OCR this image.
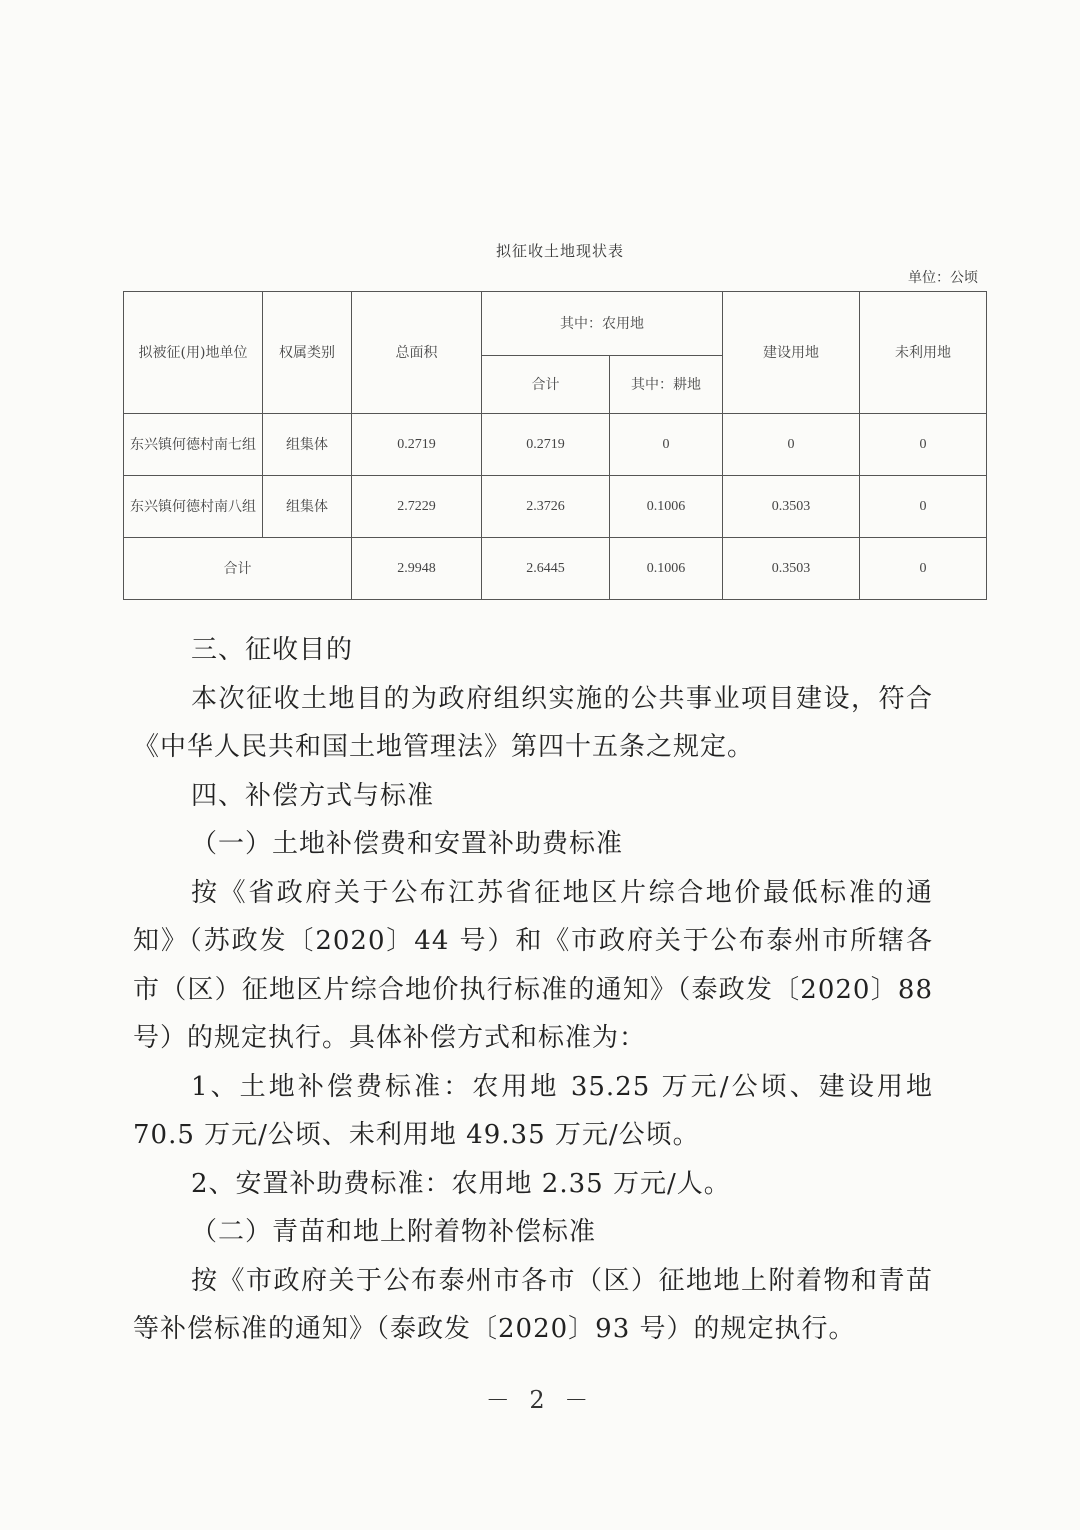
拟征收土地现状表
单位：公顷
拟被征(用)地单位	权属类别	总面积	其中：农用地		建设用地	未利用地
			合计	其中：耕地		
东兴镇何德村南七组	组集体	0.2719	0.2719	0	0	0
东兴镇何德村南八组	组集体	2.7229	2.3726	0.1006	0.3503	0
合计		2.9948	2.6445	0.1006	0.3503	0

三、征收目的

本次征收土地目的为政府组织实施的公共事业项目建设，符合《中华人民共和国土地管理法》第四十五条之规定。

四、补偿方式与标准

（一）土地补偿费和安置补助费标准

按《省政府关于公布江苏省征地区片综合地价最低标准的通知》（苏政发〔2020〕44 号）和《市政府关于公布泰州市所辖各市（区）征地区片综合地价执行标准的通知》（泰政发〔2020〕88 号）的规定执行。具体补偿方式和标准为：

1、土地补偿费标准：农用地 35.25 万元/公顷、建设用地 70.5 万元/公顷、未利用地 49.35 万元/公顷。

2、安置补助费标准：农用地 2.35 万元/人。

（二）青苗和地上附着物补偿标准

按《市政府关于公布泰州市各市（区）征地地上附着物和青苗等补偿标准的通知》（泰政发〔2020〕93 号）的规定执行。

－ 2 －
